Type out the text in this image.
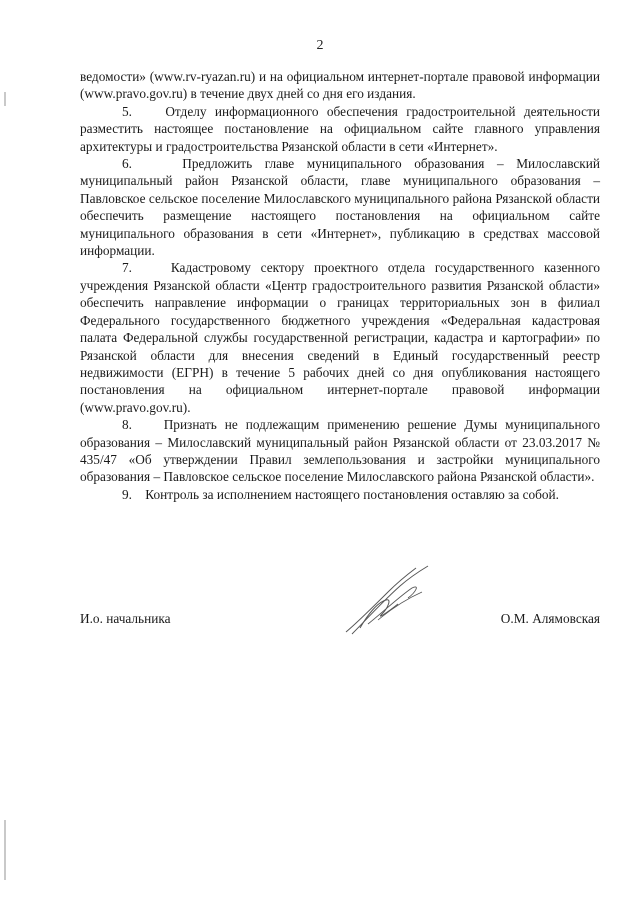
2

ведомости» (www.rv-ryazan.ru) и на официальном интернет-портале правовой информации (www.pravo.gov.ru) в течение двух дней со дня его издания.

5.    Отделу информационного обеспечения градостроительной деятельности разместить настоящее постановление на официальном сайте главного управления архитектуры и градостроительства Рязанской области в сети «Интернет».

6.    Предложить главе муниципального образования – Милославский муниципальный район Рязанской области, главе муниципального образования – Павловское сельское поселение Милославского муниципального района Рязанской области обеспечить размещение настоящего постановления на официальном сайте муниципального образования в сети «Интернет», публикацию в средствах массовой информации.

7.    Кадастровому сектору проектного отдела государственного казенного учреждения Рязанской области «Центр градостроительного развития Рязанской области» обеспечить направление информации о границах территориальных зон в филиал Федерального государственного бюджетного учреждения «Федеральная кадастровая палата Федеральной службы государственной регистрации, кадастра и картографии» по Рязанской области для внесения сведений в Единый государственный реестр недвижимости (ЕГРН) в течение 5 рабочих дней со дня опубликования настоящего постановления на официальном интернет-портале правовой информации (www.pravo.gov.ru).

8.    Признать не подлежащим применению решение Думы муниципального образования – Милославский муниципальный район Рязанской области от 23.03.2017 № 435/47 «Об утверждении Правил землепользования и застройки муниципального образования – Павловское сельское поселение Милославского района Рязанской области».

9.    Контроль за исполнением настоящего постановления оставляю за собой.

И.о. начальника	О.М. Алямовская
